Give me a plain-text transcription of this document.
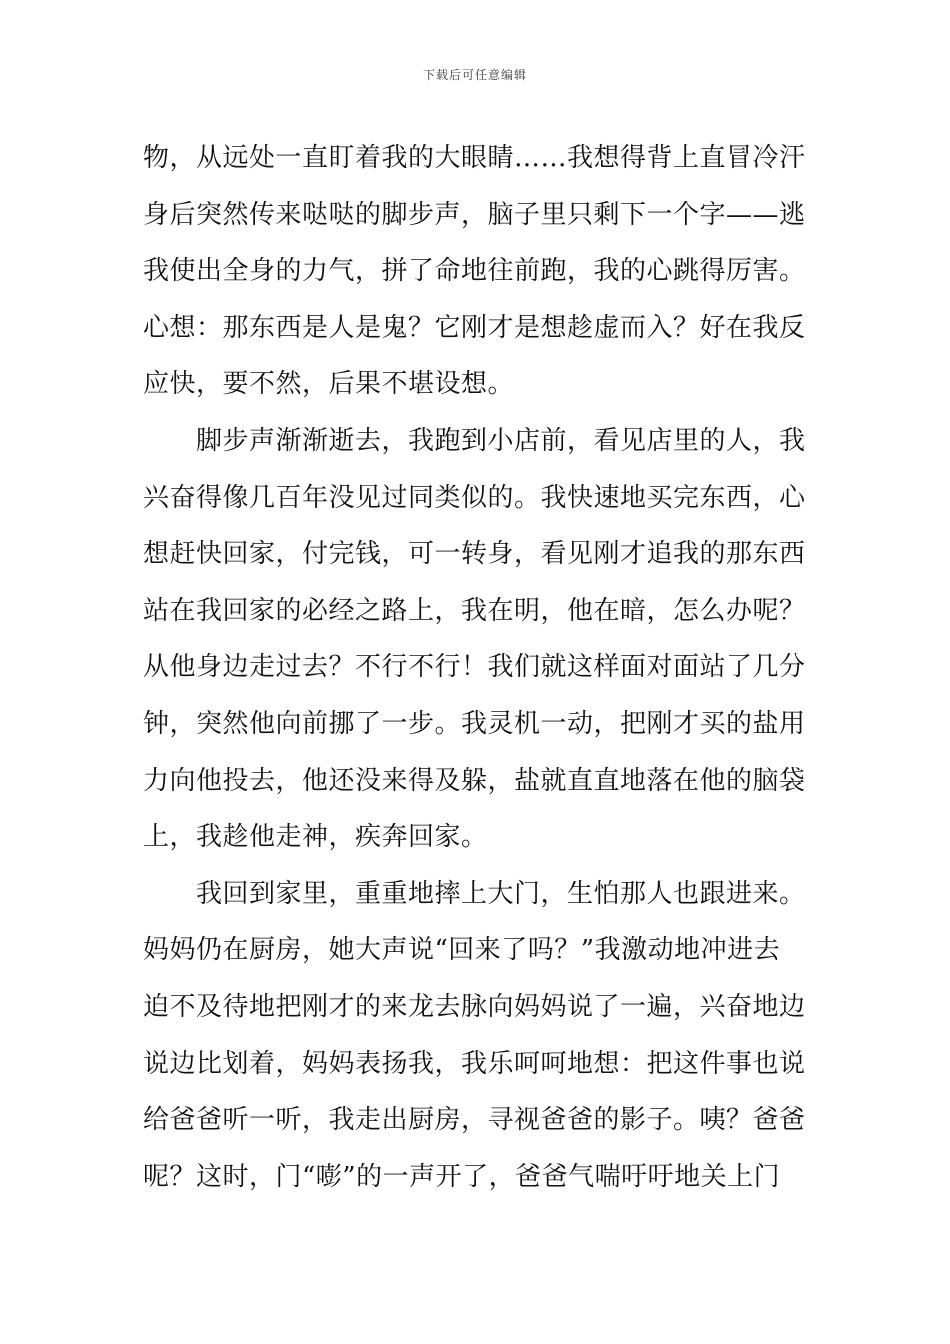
下载后可任意编辑
物，从远处一直盯着我的大眼睛……我想得背上直冒冷汗
身后突然传来哒哒的脚步声，脑子里只剩下一个字——逃
我使出全身的力气，拼了命地往前跑，我的心跳得厉害。
心想：那东西是人是鬼？它刚才是想趁虚而入？好在我反
应快，要不然，后果不堪设想。
　　脚步声渐渐逝去，我跑到小店前，看见店里的人，我
兴奋得像几百年没见过同类似的。我快速地买完东西，心
想赶快回家，付完钱，可一转身，看见刚才追我的那东西
站在我回家的必经之路上，我在明，他在暗，怎么办呢？
从他身边走过去？不行不行！我们就这样面对面站了几分
钟，突然他向前挪了一步。我灵机一动，把刚才买的盐用
力向他投去，他还没来得及躲，盐就直直地落在他的脑袋
上，我趁他走神，疾奔回家。
　　我回到家里，重重地摔上大门，生怕那人也跟进来。
妈妈仍在厨房，她大声说“回来了吗？”我激动地冲进去
迫不及待地把刚才的来龙去脉向妈妈说了一遍，兴奋地边
说边比划着，妈妈表扬我，我乐呵呵地想：把这件事也说
给爸爸听一听，我走出厨房，寻视爸爸的影子。咦？爸爸
呢？这时，门“嘭”的一声开了，爸爸气喘吁吁地关上门
